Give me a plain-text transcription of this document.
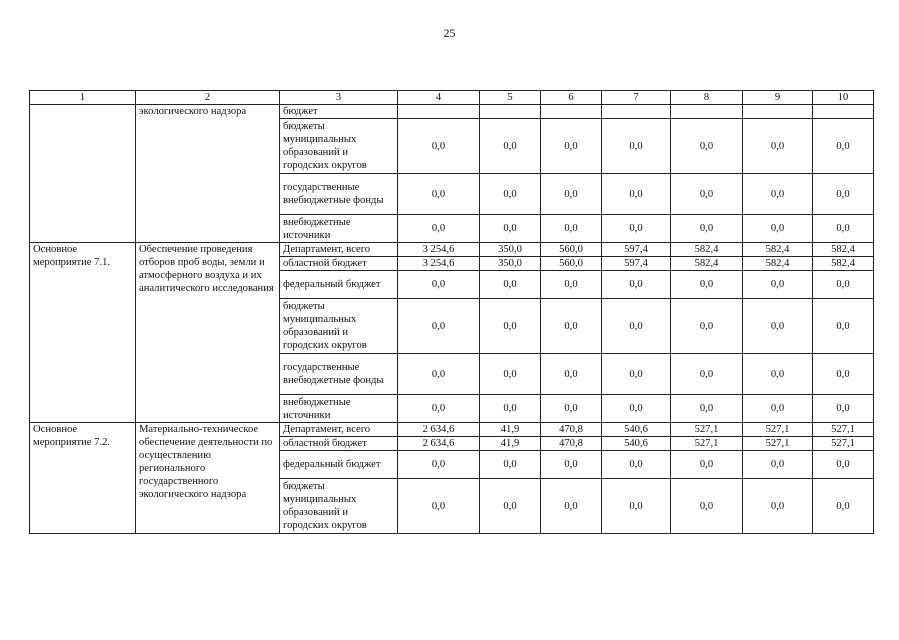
25
1	2	3	4	5	6	7	8	9	10
	экологического надзора	бюджет							
		бюджеты муниципальных образований и городских округов	0,0	0,0	0,0	0,0	0,0	0,0	0,0
		государственные внебюджетные фонды	0,0	0,0	0,0	0,0	0,0	0,0	0,0
		внебюджетные источники	0,0	0,0	0,0	0,0	0,0	0,0	0,0
Основное мероприятие 7.1.	Обеспечение проведения отборов проб воды, земли и атмосферного воздуха и их аналитического исследования	Департамент, всего	3 254,6	350,0	560,0	597,4	582,4	582,4	582,4
		областной бюджет	3 254,6	350,0	560,0	597,4	582,4	582,4	582,4
		федеральный бюджет	0,0	0,0	0,0	0,0	0,0	0,0	0,0
		бюджеты муниципальных образований и городских округов	0,0	0,0	0,0	0,0	0,0	0,0	0,0
		государственные внебюджетные фонды	0,0	0,0	0,0	0,0	0,0	0,0	0,0
		внебюджетные источники	0,0	0,0	0,0	0,0	0,0	0,0	0,0
Основное мероприятие 7.2.	Материально-техническое обеспечение деятельности по осуществлению регионального государственного экологического надзора	Департамент, всего	2 634,6	41,9	470,8	540,6	527,1	527,1	527,1
		областной бюджет	2 634,6	41,9	470,8	540,6	527,1	527,1	527,1
		федеральный бюджет	0,0	0,0	0,0	0,0	0,0	0,0	0,0
		бюджеты муниципальных образований и городских округов	0,0	0,0	0,0	0,0	0,0	0,0	0,0
